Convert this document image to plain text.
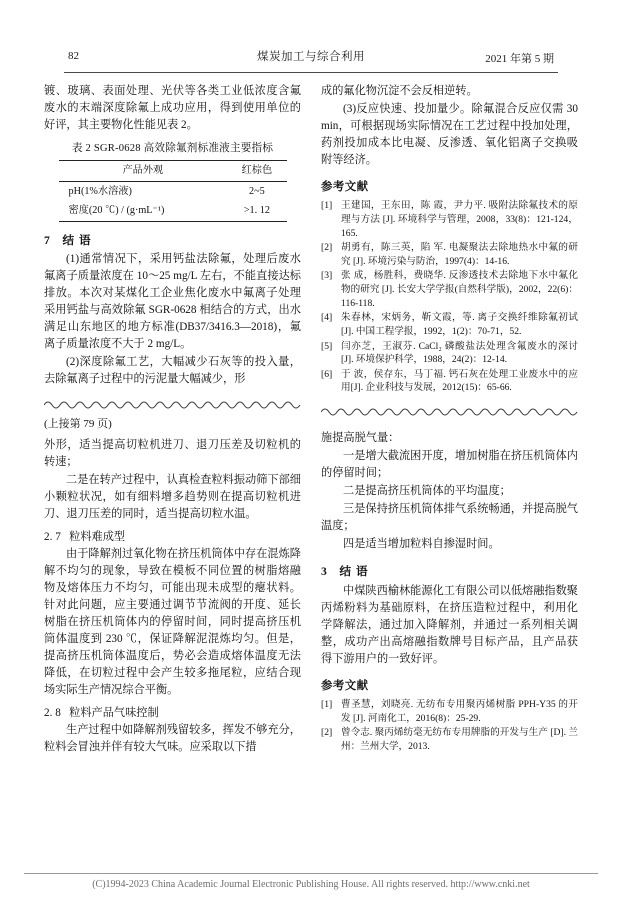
82	煤炭加工与综合利用	2021 年第 5 期

镀、玻璃、表面处理、光伏等各类工业低浓度含氟废水的末端深度除氟上成功应用，得到使用单位的好评，其主要物化性能见表 2。

表 2 SGR-0628 高效除氟剂标准液主要指标
产品外观	红棕色
pH(1%水溶液)	2~5
密度(20 ℃) / (g·mL⁻¹)	>1. 12
7 结 语

(1)通常情况下，采用钙盐法除氟，处理后废水氟离子质量浓度在 10～25 mg/L 左右，不能直接达标排放。本次对某煤化工企业焦化废水中氟离子处理采用钙盐与高效除氟 SGR-0628 相结合的方式，出水满足山东地区的地方标准(DB37/3416.3—2018)，氟离子质量浓度不大于 2 mg/L。

(2)深度除氟工艺，大幅减少石灰等的投入量，去除氟离子过程中的污泥量大幅减少，形

(上接第 79 页)

外形，适当提高切粒机进刀、退刀压差及切粒机的转速；

二是在转产过程中，认真检查粒料振动筛下部细小颗粒状况，如有细料增多趋势则在提高切粒机进刀、退刀压差的同时，适当提高切粒水温。

2. 7 粒料难成型

由于降解剂过氧化物在挤压机筒体中存在混炼降解不均匀的现象，导致在模板不同位置的树脂熔融物及熔体压力不均匀，可能出现未成型的瘪状料。针对此问题，应主要通过调节节流阀的开度、延长树脂在挤压机筒体内的停留时间，同时提高挤压机筒体温度到 230 ℃，保证降解泥混炼均匀。但是，提高挤压机筒体温度后，势必会造成熔体温度无法降低，在切粒过程中会产生较多拖尾粒，应结合现场实际生产情况综合平衡。

2. 8 粒料产品气味控制

生产过程中如降解剂残留较多，挥发不够充分，粒料会冒浊并伴有较大气味。应采取以下措

成的氟化物沉淀不会反相逆转。

(3)反应快速、投加量少。除氟混合反应仅需 30 min，可根据现场实际情况在工艺过程中投加处理，药剂投加成本比电凝、反渗透、氧化铝离子交换吸附等经济。

参考文献
[1] 王建国，王东田，陈 霞，尹力平. 吸附法除氟技术的原理与方法 [J]. 环境科学与管理，2008，33(8)：121-124，165.
[2] 胡勇有，陈三英，陷 军. 电凝聚法去除地热水中氟的研究 [J]. 环境污染与防治，1997(4)：14-16.
[3] 张 成，杨胜科，费晓华. 反渗透技术去除地下水中氟化物的研究 [J]. 长安大学学报(自然科学版)，2002，22(6)：116-118.
[4] 朱春林，宋炳务，靳文霞，等. 离子交换纤维除氟初试 [J]. 中国工程学报，1992，1(2)：70-71，52.
[5] 闫亦芝，王淑芬. CaCl₂ 磷酸盐法处理含氟废水的深讨 [J]. 环境保护科学，1988，24(2)：12-14.
[6] 于 波，侯存东，马丁福. 钙石灰在处理工业废水中的应用[J]. 企业科技与发展，2012(15)：65-66.

施提高脱气量：

一是增大截流困开度，增加树脂在挤压机筒体内的停留时间；

二是提高挤压机筒体的平均温度；

三是保持挤压机筒体排气系统畅通，并提高脱气温度；

四是适当增加粒料自掺湿时间。

3 结 语

中煤陕西榆林能源化工有限公司以低熔融指数聚丙烯粉料为基础原料，在挤压造粒过程中，利用化学降解法，通过加入降解剂，并通过一系列相关调整，成功产出高熔融指数牌号目标产品，且产品获得下游用户的一致好评。

参考文献
[1] 曹圣慧，刘晓亮. 无纺布专用聚丙烯树脂 PPH-Y35 的开发 [J]. 河南化工，2016(8)：25-29.
[2] 曾令志. 聚丙烯纺毫无纺布专用牌脂的开发与生产 [D]. 兰州：兰州大学，2013.
(C)1994-2023 China Academic Journal Electronic Publishing House. All rights reserved. http://www.cnki.net
